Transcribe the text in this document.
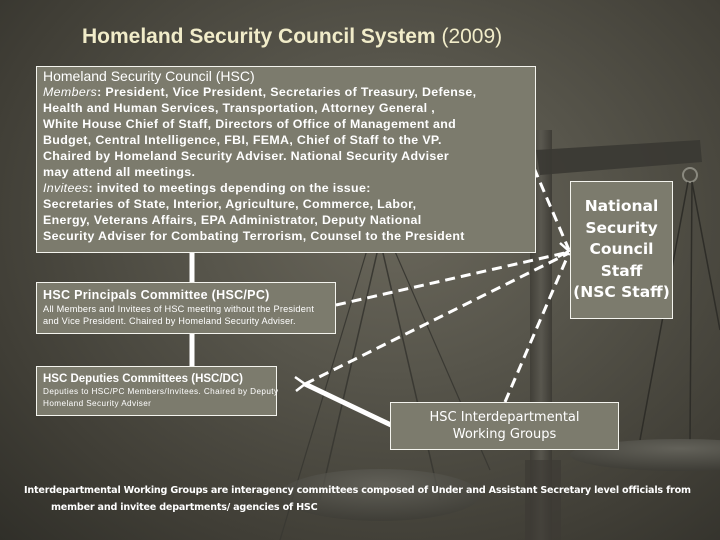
Homeland Security Council System (2009)
Homeland Security Council (HSC)
Members: President, Vice President, Secretaries of Treasury, Defense,
Health and Human Services, Transportation, Attorney General ,
White House Chief of Staff, Directors of Office of Management and
Budget, Central Intelligence, FBI, FEMA, Chief of Staff to the VP.
Chaired by Homeland Security Adviser. National Security Adviser
may attend all meetings.
Invitees: invited to meetings depending on the issue:
Secretaries of State, Interior, Agriculture, Commerce, Labor,
Energy, Veterans Affairs, EPA Administrator, Deputy National
Security Adviser for Combating Terrorism, Counsel to the President
HSC Principals Committee (HSC/PC)
All Members and Invitees of HSC meeting without the President
and Vice President. Chaired by Homeland Security Adviser.
HSC Deputies Committees (HSC/DC)
Deputies to HSC/PC Members/Invitees. Chaired by Deputy
Homeland Security Adviser
HSC Interdepartmental
Working Groups
National
Security
Council
Staff
(NSC Staff)
Interdepartmental Working Groups are interagency committees composed of Under and Assistant Secretary level officials from
member and invitee departments/ agencies of HSC
